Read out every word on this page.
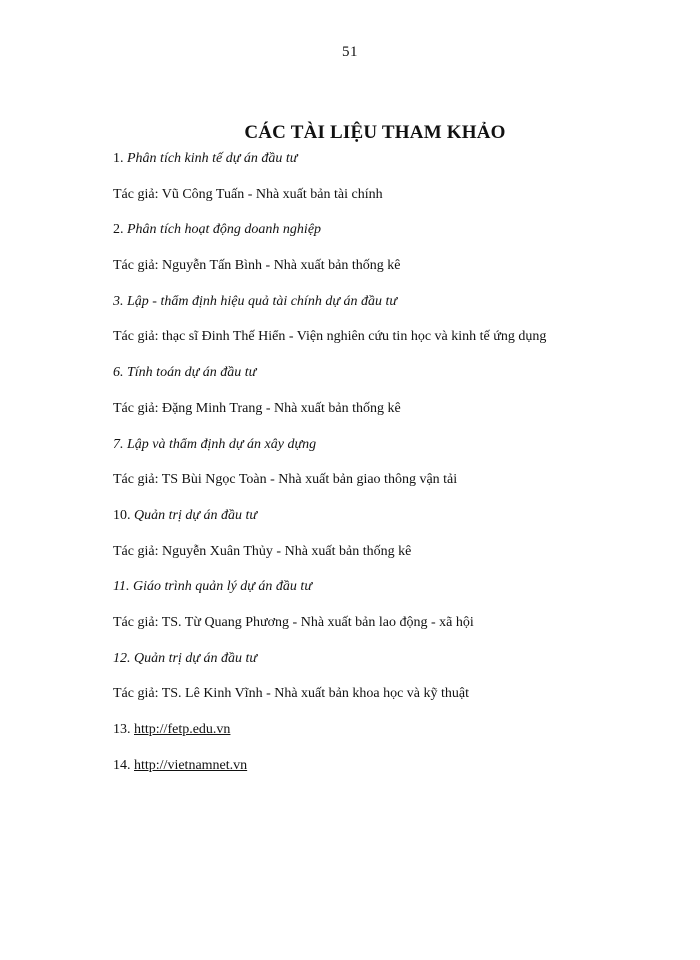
51
CÁC TÀI LIỆU THAM KHẢO
1. Phân tích kinh tế dự án đầu tư
Tác giả: Vũ Công Tuấn - Nhà xuất bản tài chính
2. Phân tích hoạt động doanh nghiệp
Tác giả: Nguyễn Tấn Bình - Nhà xuất bản thống kê
3. Lập - thẩm định hiệu quả tài chính dự án đầu tư
Tác giả: thạc sĩ Đinh Thế Hiển - Viện nghiên cứu tin học và kinh tế ứng dụng
6. Tính toán dự án đầu tư
Tác giả: Đặng Minh Trang - Nhà xuất bản thống kê
7. Lập và thẩm định dự án xây dựng
Tác giả: TS Bùi Ngọc Toàn - Nhà xuất bản giao thông vận tải
10. Quản trị dự án đầu tư
Tác giả: Nguyễn Xuân Thủy - Nhà xuất bản thống kê
11. Giáo trình quản lý dự án đầu tư
Tác giả: TS. Từ Quang Phương - Nhà xuất bản lao động - xã hội
12. Quản trị dự án đầu tư
Tác giả: TS. Lê Kinh Vĩnh - Nhà xuất bản khoa học và kỹ thuật
13. http://fetp.edu.vn
14. http://vietnamnet.vn
